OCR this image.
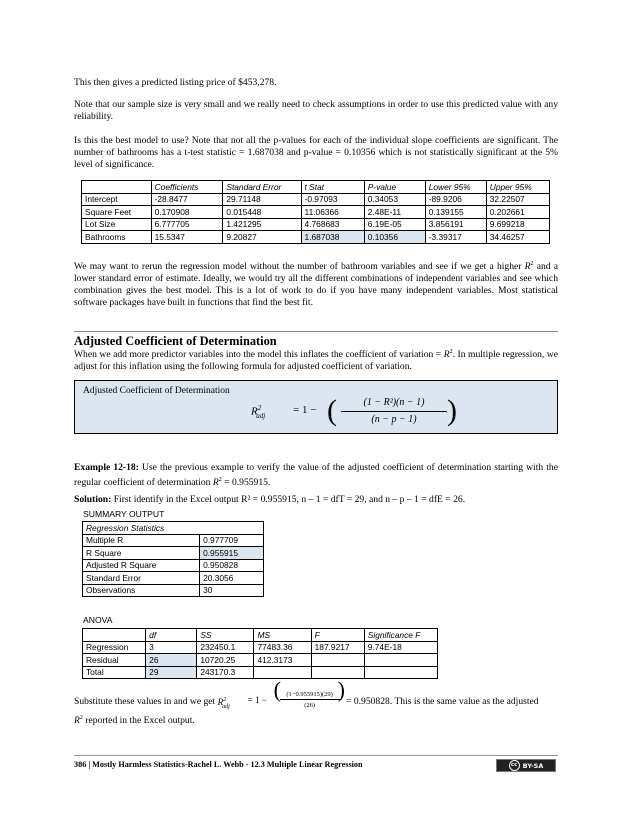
This then gives a predicted listing price of $453,278.

Note that our sample size is very small and we really need to check assumptions in order to use this predicted value with any reliability.

Is this the best model to use? Note that not all the p-values for each of the individual slope coefficients are significant. The number of bathrooms has a t-test statistic = 1.687038 and p-value = 0.10356 which is not statistically significant at the 5% level of significance.

	Coefficients	Standard Error	t Stat	P-value	Lower 95%	Upper 95%
Intercept	-28.8477	29.71148	-0.97093	0.34053	-89.9206	32.22507
Square Feet	0.170908	0.015448	11.06366	2.48E-11	0.139155	0.202661
Lot Size	6.777705	1.421295	4.768683	6.19E-05	3.856191	9.699218
Bathrooms	15.5347	9.20827	1.687038	0.10356	-3.39317	34.46257

We may want to rerun the regression model without the number of bathroom variables and see if we get a higher $R^2$ and a lower standard error of estimate. Ideally, we would try all the different combinations of independent variables and see which combination gives the best model. This is a lot of work to do if you have many independent variables. Most statistical software packages have built in functions that find the best fit.

Adjusted Coefficient of Determination

When we add more predictor variables into the model this inflates the coefficient of variation = $R^2$. In multiple regression, we adjust for this inflation using the following formula for adjusted coefficient of variation.

Adjusted Coefficient of Determination
$R^2_{adj}$	= 1 − (	(1 − R²)(n − 1)
(n − p − 1)	)

Example 12-18: Use the previous example to verify the value of the adjusted coefficient of determination starting with the regular coefficient of determination $R^2 = 0.955915$.

Solution: First identify in the Excel output R² = 0.955915, n – 1 = dfT = 29, and n – p – 1 = dfE = 26.

SUMMARY OUTPUT
Regression Statistics	
Multiple R	0.977709
R Square	0.955915
Adjusted R Square	0.950828
Standard Error	20.3056
Observations	30
ANOVA
	df	SS	MS	F	Significance F
Regression	3	232450.1	77483.36	187.9217	9.74E-18
Residual	26	10720.25	412.3173		
Total	29	243170.3			
Substitute these values in and we get $R^2_{adj}$
= 1 − ( (1−0.955915)(29)
(26)
) = 0.950828. This is the same value as the adjusted

$R^2$ reported in the Excel output.

386 | Mostly Harmless Statistics-Rachel L. Webb - 12.3 Multiple Linear Regression	cc BY-SA
